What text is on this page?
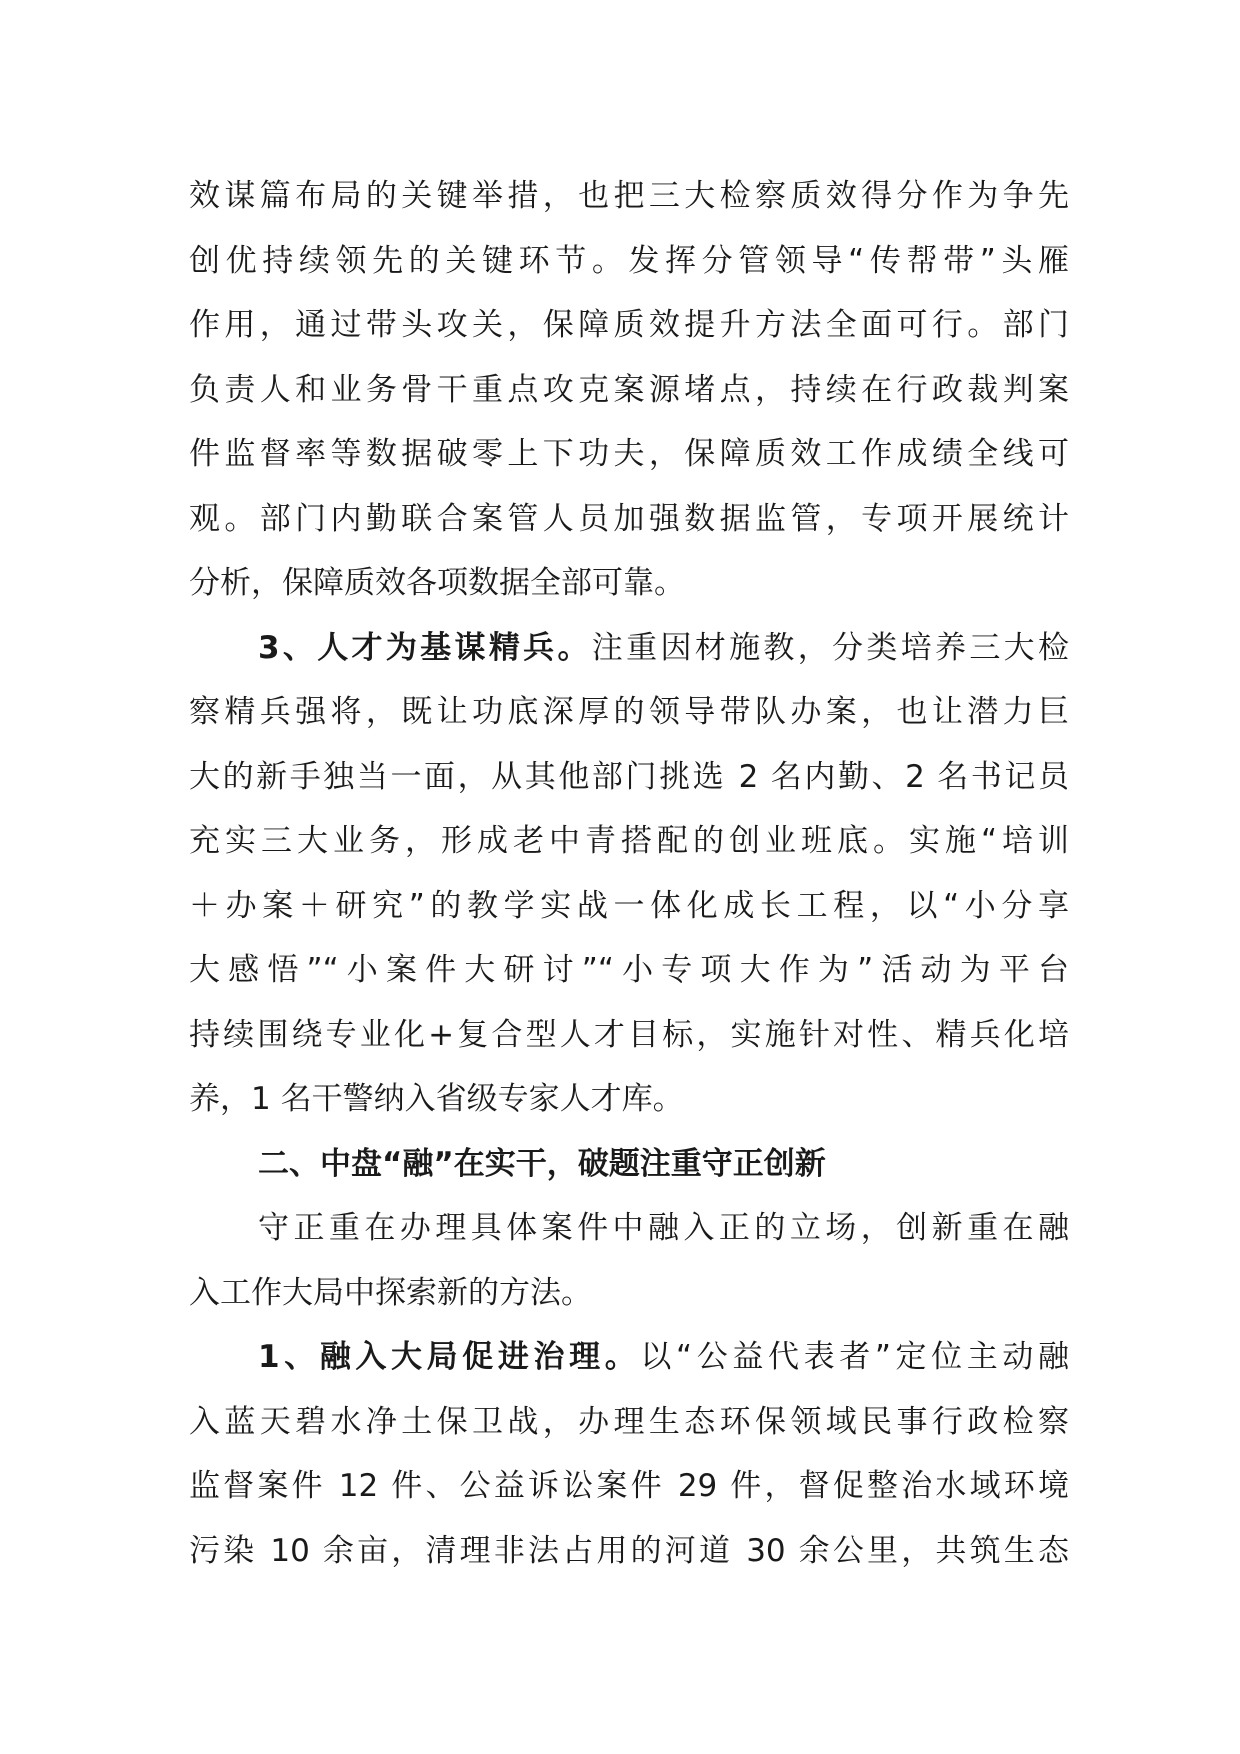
效谋篇布局的关键举措，也把三大检察质效得分作为争先
创优持续领先的关键环节。发挥分管领导“传帮带”头雁
作用，通过带头攻关，保障质效提升方法全面可行。部门
负责人和业务骨干重点攻克案源堵点，持续在行政裁判案
件监督率等数据破零上下功夫，保障质效工作成绩全线可
观。部门内勤联合案管人员加强数据监管，专项开展统计
分析，保障质效各项数据全部可靠。
3、人才为基谋精兵。注重因材施教，分类培养三大检
察精兵强将，既让功底深厚的领导带队办案，也让潜力巨
大的新手独当一面，从其他部门挑选 2 名内勤、2 名书记员
充实三大业务，形成老中青搭配的创业班底。实施“培训
＋办案＋研究”的教学实战一体化成长工程，以“小分享
大感悟”“小案件大研讨”“小专项大作为”活动为平台
持续围绕专业化+复合型人才目标，实施针对性、精兵化培
养，1 名干警纳入省级专家人才库。
二、中盘“融”在实干，破题注重守正创新
守正重在办理具体案件中融入正的立场，创新重在融
入工作大局中探索新的方法。
1、融入大局促进治理。以“公益代表者”定位主动融
入蓝天碧水净土保卫战，办理生态环保领域民事行政检察
监督案件 12 件、公益诉讼案件 29 件，督促整治水域环境
污染 10 余亩，清理非法占用的河道 30 余公里，共筑生态
